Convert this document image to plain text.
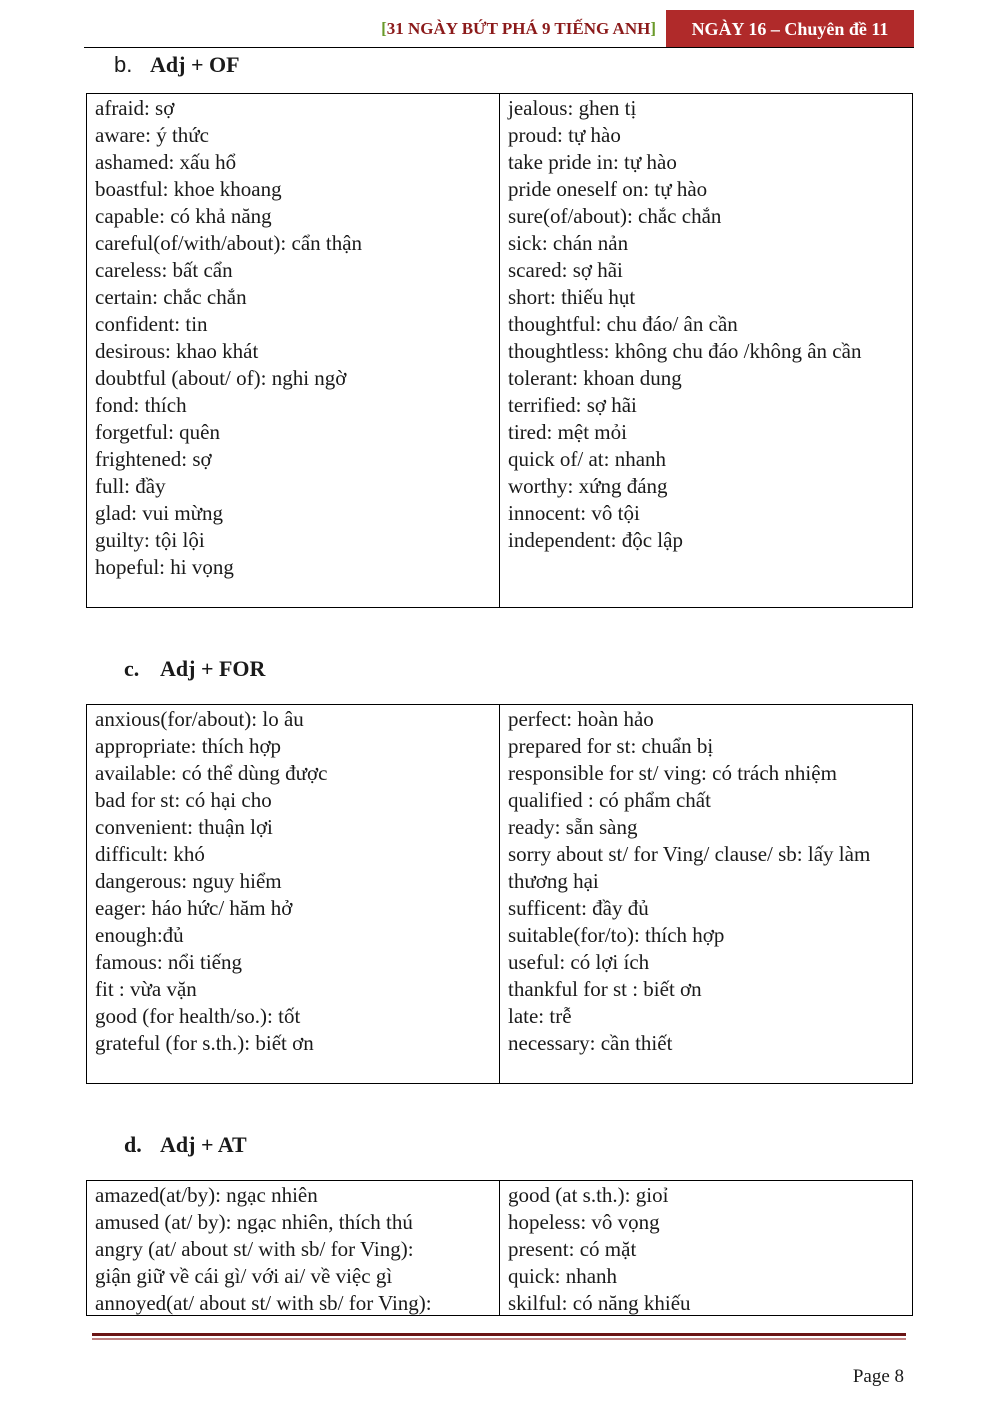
[31 NGÀY BỨT PHÁ 9 TIẾNG ANH] NGÀY 16 – Chuyên đề 11
b. Adj + OF
afraid: sợ
aware: ý thức
ashamed: xấu hổ
boastful: khoe khoang
capable: có khả năng
careful(of/with/about): cẩn thận
careless: bất cẩn
certain: chắc chắn
confident: tin
desirous: khao khát
doubtful (about/ of): nghi ngờ
fond: thích
forgetful: quên
frightened: sợ
full: đầy
glad: vui mừng
guilty: tội lội
hopeful: hi vọng
jealous: ghen tị
proud: tự hào
take pride in: tự hào
pride oneself on: tự hào
sure(of/about): chắc chắn
sick: chán nản
scared: sợ hãi
short: thiếu hụt
thoughtful: chu đáo/ ân cần
thoughtless: không chu đáo /không ân cần
tolerant: khoan dung
terrified: sợ hãi
tired: mệt mỏi
quick of/ at: nhanh
worthy: xứng đáng
innocent: vô tội
independent: độc lập
c. Adj + FOR
anxious(for/about): lo âu
appropriate: thích hợp
available: có thể dùng được
bad for st: có hại cho
convenient: thuận lợi
difficult: khó
dangerous: nguy hiểm
eager: háo hức/ hăm hở
enough:đủ
famous: nổi tiếng
fit : vừa vặn
good (for health/so.): tốt
grateful (for s.th.): biết ơn
perfect: hoàn hảo
prepared for st: chuẩn bị
responsible for st/ ving: có trách nhiệm
qualified : có phẩm chất
ready: sẵn sàng
sorry about st/ for Ving/ clause/ sb: lấy làm thương hại
sufficent: đầy đủ
suitable(for/to): thích hợp
useful: có lợi ích
thankful for st : biết ơn
late: trễ
necessary: cần thiết
d. Adj + AT
amazed(at/by): ngạc nhiên
amused (at/ by): ngạc nhiên, thích thú
angry (at/ about st/ with sb/ for Ving):
giận giữ về cái gì/ với ai/ về việc gì
annoyed(at/ about st/ with sb/ for Ving):
good (at s.th.): gioỉ
hopeless: vô vọng
present: có mặt
quick: nhanh
skilful: có năng khiếu
Page 8
